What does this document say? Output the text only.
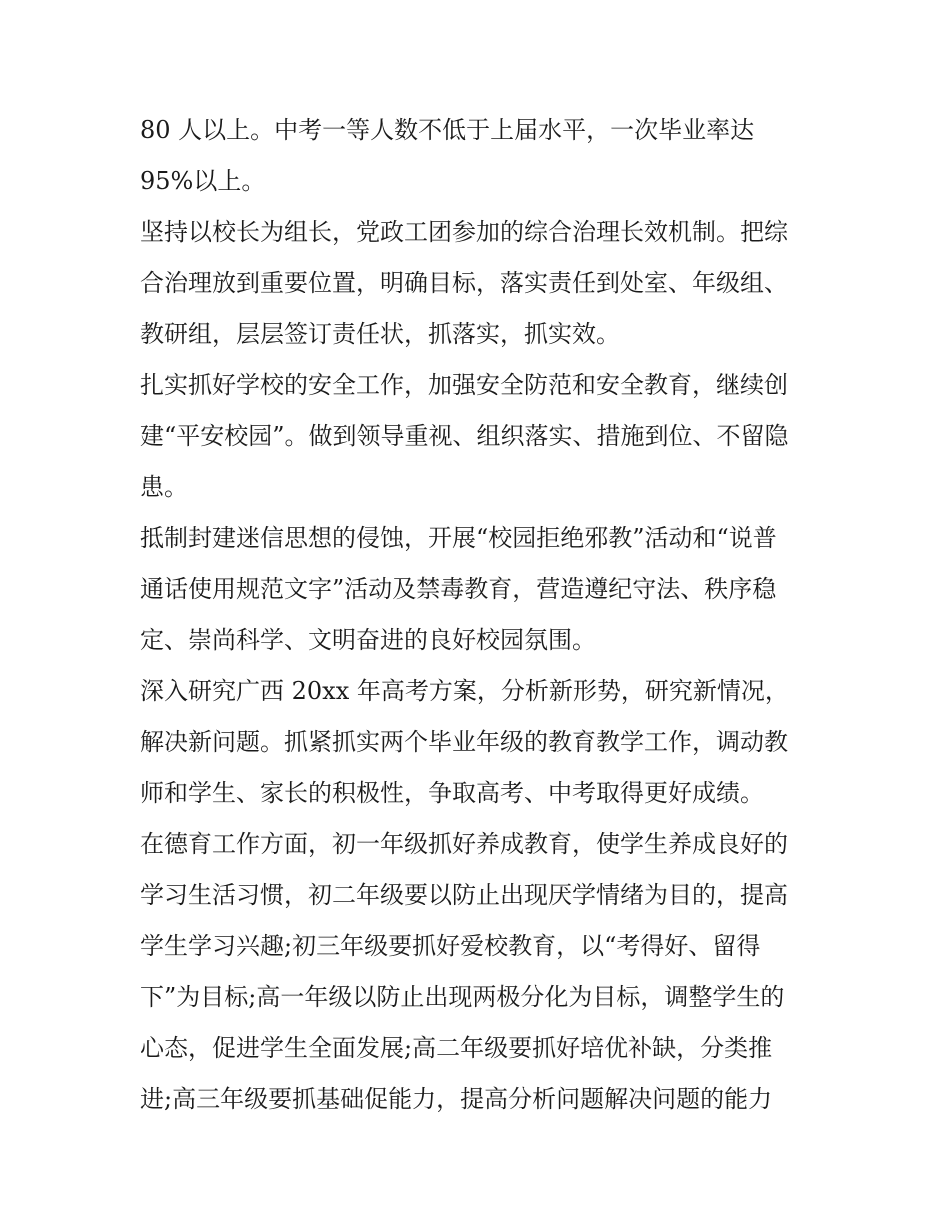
80 人以上。中考一等人数不低于上届水平，一次毕业率达
95%以上。
坚持以校长为组长，党政工团参加的综合治理长效机制。把综
合治理放到重要位置，明确目标，落实责任到处室、年级组、
教研组，层层签订责任状，抓落实，抓实效。
扎实抓好学校的安全工作，加强安全防范和安全教育，继续创
建“平安校园”。做到领导重视、组织落实、措施到位、不留隐
患。
抵制封建迷信思想的侵蚀，开展“校园拒绝邪教”活动和“说普
通话使用规范文字”活动及禁毒教育，营造遵纪守法、秩序稳
定、崇尚科学、文明奋进的良好校园氛围。
深入研究广西 20xx 年高考方案，分析新形势，研究新情况，
解决新问题。抓紧抓实两个毕业年级的教育教学工作，调动教
师和学生、家长的积极性，争取高考、中考取得更好成绩。
在德育工作方面，初一年级抓好养成教育，使学生养成良好的
学习生活习惯，初二年级要以防止出现厌学情绪为目的，提高
学生学习兴趣;初三年级要抓好爱校教育，以“考得好、留得
下”为目标;高一年级以防止出现两极分化为目标，调整学生的
心态，促进学生全面发展;高二年级要抓好培优补缺，分类推
进;高三年级要抓基础促能力，提高分析问题解决问题的能力
